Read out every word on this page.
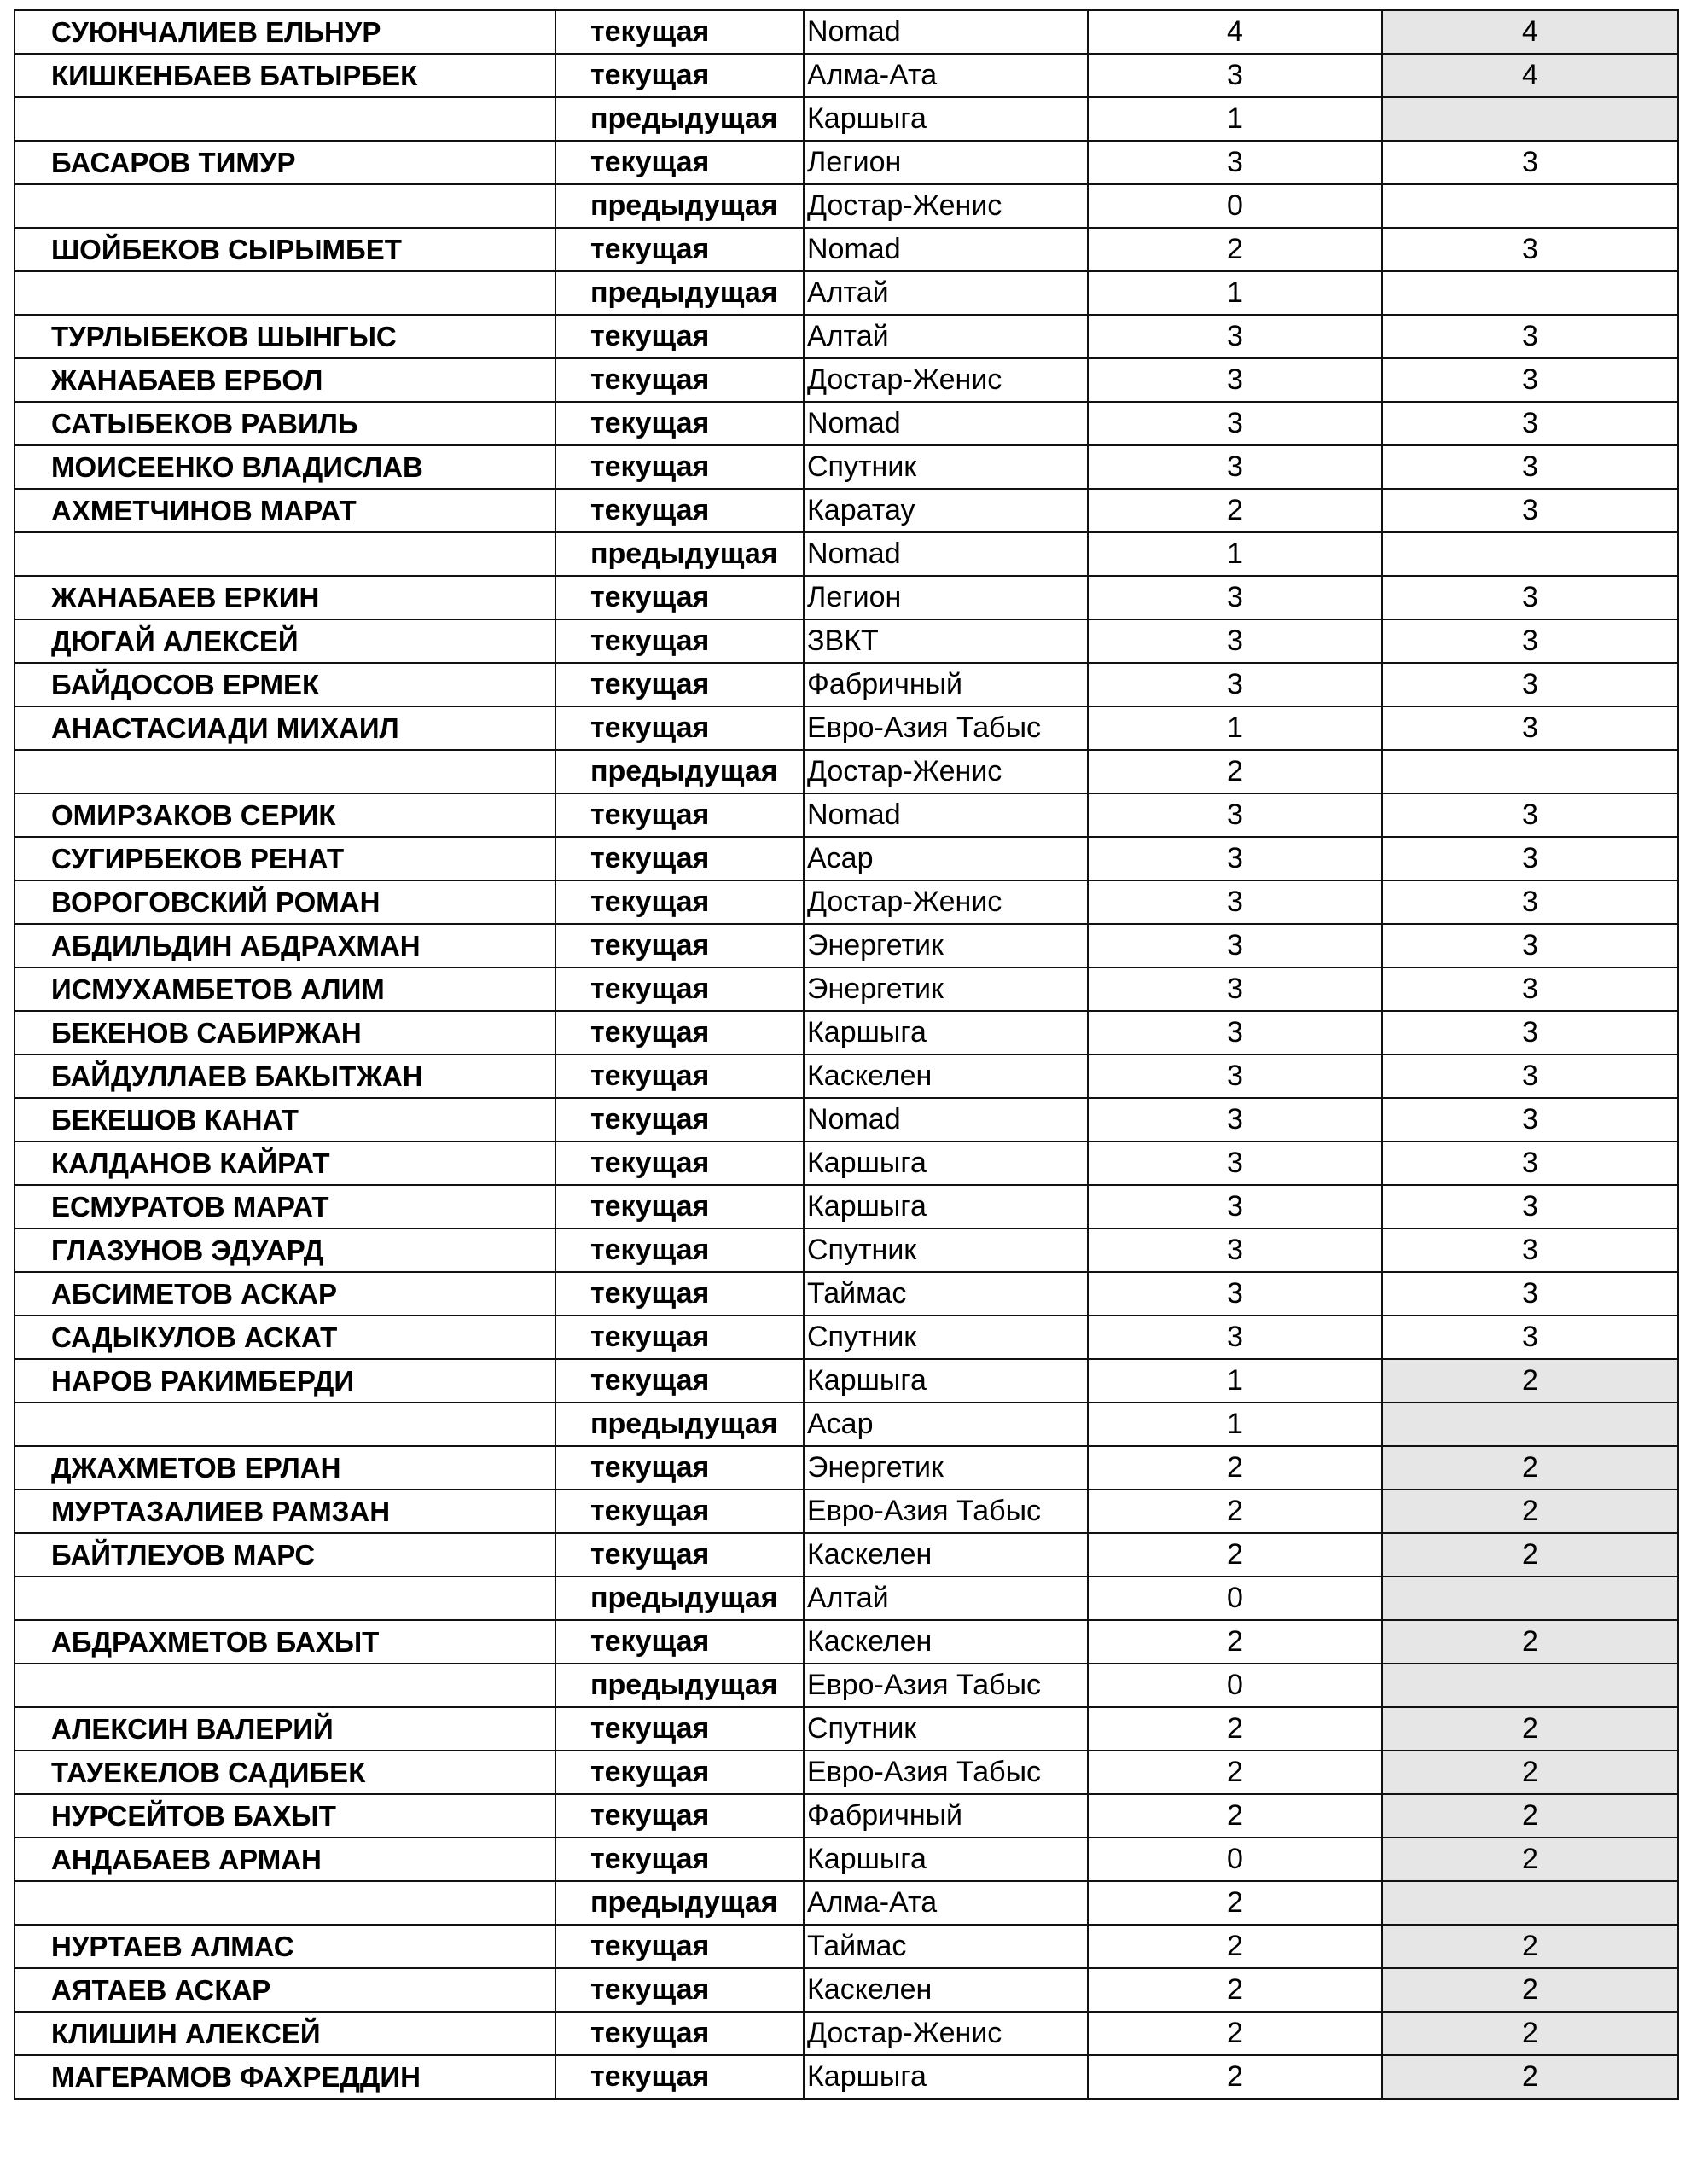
СУЮНЧАЛИЕВ ЕЛЬНУР	текущая	Nomad	4	4
КИШКЕНБАЕВ БАТЫРБЕК	текущая	Алма-Ата	3	4
	предыдущая	Каршыга	1	
БАСАРОВ ТИМУР	текущая	Легион	3	3
	предыдущая	Достар-Женис	0	
ШОЙБЕКОВ СЫРЫМБЕТ	текущая	Nomad	2	3
	предыдущая	Алтай	1	
ТУРЛЫБЕКОВ ШЫНГЫС	текущая	Алтай	3	3
ЖАНАБАЕВ ЕРБОЛ	текущая	Достар-Женис	3	3
САТЫБЕКОВ РАВИЛЬ	текущая	Nomad	3	3
МОИСЕЕНКО ВЛАДИСЛАВ	текущая	Спутник	3	3
АХМЕТЧИНОВ МАРАТ	текущая	Каратау	2	3
	предыдущая	Nomad	1	
ЖАНАБАЕВ ЕРКИН	текущая	Легион	3	3
ДЮГАЙ АЛЕКСЕЙ	текущая	ЗВКТ	3	3
БАЙДОСОВ ЕРМЕК	текущая	Фабричный	3	3
АНАСТАСИАДИ МИХАИЛ	текущая	Евро-Азия Табыс	1	3
	предыдущая	Достар-Женис	2	
ОМИРЗАКОВ СЕРИК	текущая	Nomad	3	3
СУГИРБЕКОВ РЕНАТ	текущая	Асар	3	3
ВОРОГОВСКИЙ РОМАН	текущая	Достар-Женис	3	3
АБДИЛЬДИН АБДРАХМАН	текущая	Энергетик	3	3
ИСМУХАМБЕТОВ АЛИМ	текущая	Энергетик	3	3
БЕКЕНОВ САБИРЖАН	текущая	Каршыга	3	3
БАЙДУЛЛАЕВ БАКЫТЖАН	текущая	Каскелен	3	3
БЕКЕШОВ КАНАТ	текущая	Nomad	3	3
КАЛДАНОВ КАЙРАТ	текущая	Каршыга	3	3
ЕСМУРАТОВ МАРАТ	текущая	Каршыга	3	3
ГЛАЗУНОВ ЭДУАРД	текущая	Спутник	3	3
АБСИМЕТОВ АСКАР	текущая	Таймас	3	3
САДЫКУЛОВ АСКАТ	текущая	Спутник	3	3
НАРОВ РАКИМБЕРДИ	текущая	Каршыга	1	2
	предыдущая	Асар	1	
ДЖАХМЕТОВ ЕРЛАН	текущая	Энергетик	2	2
МУРТАЗАЛИЕВ РАМЗАН	текущая	Евро-Азия Табыс	2	2
БАЙТЛЕУОВ МАРС	текущая	Каскелен	2	2
	предыдущая	Алтай	0	
АБДРАХМЕТОВ БАХЫТ	текущая	Каскелен	2	2
	предыдущая	Евро-Азия Табыс	0	
АЛЕКСИН ВАЛЕРИЙ	текущая	Спутник	2	2
ТАУЕКЕЛОВ САДИБЕК	текущая	Евро-Азия Табыс	2	2
НУРСЕЙТОВ БАХЫТ	текущая	Фабричный	2	2
АНДАБАЕВ АРМАН	текущая	Каршыга	0	2
	предыдущая	Алма-Ата	2	
НУРТАЕВ АЛМАС	текущая	Таймас	2	2
АЯТАЕВ АСКАР	текущая	Каскелен	2	2
КЛИШИН АЛЕКСЕЙ	текущая	Достар-Женис	2	2
МАГЕРАМОВ ФАХРЕДДИН	текущая	Каршыга	2	2
